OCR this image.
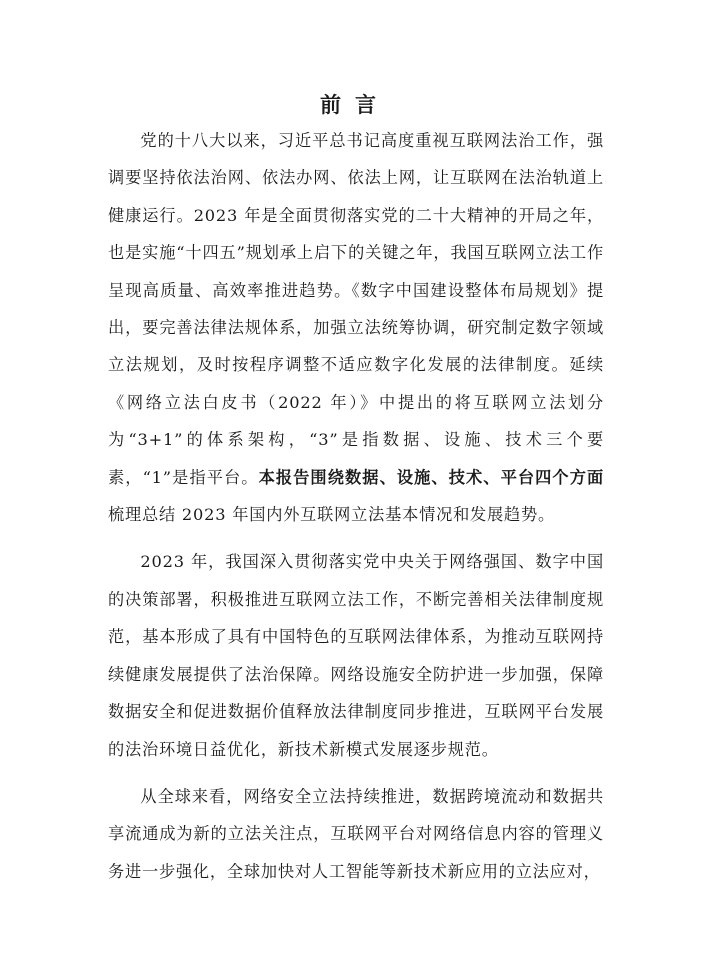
前言

党的十八大以来，习近平总书记高度重视互联网法治工作，强调要坚持依法治网、依法办网、依法上网，让互联网在法治轨道上健康运行。2023 年是全面贯彻落实党的二十大精神的开局之年，也是实施“十四五”规划承上启下的关键之年，我国互联网立法工作呈现高质量、高效率推进趋势。《数字中国建设整体布局规划》提出，要完善法律法规体系，加强立法统筹协调，研究制定数字领域立法规划，及时按程序调整不适应数字化发展的法律制度。延续《网络立法白皮书（2022 年）》中提出的将互联网立法划分为“3+1”的体系架构，“3”是指数据、设施、技术三个要素，“1”是指平台。本报告围绕数据、设施、技术、平台四个方面梳理总结 2023 年国内外互联网立法基本情况和发展趋势。

2023 年，我国深入贯彻落实党中央关于网络强国、数字中国的决策部署，积极推进互联网立法工作，不断完善相关法律制度规范，基本形成了具有中国特色的互联网法律体系，为推动互联网持续健康发展提供了法治保障。网络设施安全防护进一步加强，保障数据安全和促进数据价值释放法律制度同步推进，互联网平台发展的法治环境日益优化，新技术新模式发展逐步规范。

从全球来看，网络安全立法持续推进，数据跨境流动和数据共享流通成为新的立法关注点，互联网平台对网络信息内容的管理义务进一步强化，全球加快对人工智能等新技术新应用的立法应对，
